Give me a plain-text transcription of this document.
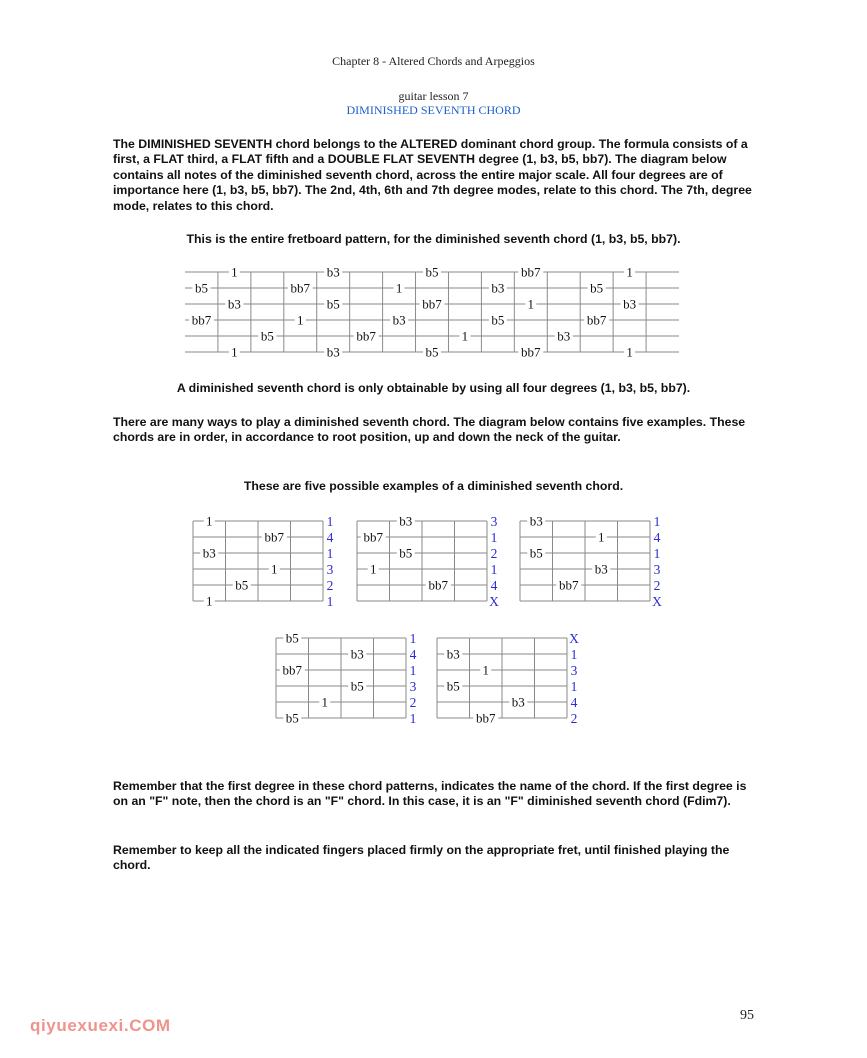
Chapter 8 - Altered Chords and Arpeggios
guitar lesson 7
DIMINISHED SEVENTH CHORD
The DIMINISHED SEVENTH chord belongs to the ALTERED dominant chord group. The formula consists of a first, a FLAT third, a FLAT fifth and a DOUBLE FLAT SEVENTH degree (1, b3, b5, bb7). The diagram below contains all notes of the diminished seventh chord, across the entire major scale. All four degrees are of importance here (1, b3, b5, bb7). The 2nd, 4th, 6th and 7th degree modes, relate to this chord. The 7th, degree mode, relates to this chord.
This is the entire fretboard pattern, for the diminished seventh chord (1, b3, b5, bb7).
1	b3	b5	bb7	1
b5	bb7	1	b3	b5
b3	b5	bb7	1	b3
bb7	1	b3	b5	bb7
b5	bb7	1	b3
1	b3	b5	bb7	1
1
bb7
b3
1
b5
1
1
4
1
3
2
1
b3
bb7
b5
1
bb7
3
1
2
1
4
X
b3
1
b5
b3
bb7
1
4
1
3
2
X
b5
b3
bb7
b5
1
b5
1
4
1
3
2
1
b3
1
b5
b3
bb7
X
1
3
1
4
2
A diminished seventh chord is only obtainable by using all four degrees (1, b3, b5, bb7).
There are many ways to play a diminished seventh chord. The diagram below contains five examples. These chords are in order, in accordance to root position, up and down the neck of the guitar.
These are five possible examples of a diminished seventh chord.
Remember that the first degree in these chord patterns, indicates the name of the chord. If the first degree is on an "F" note, then the chord is an "F" chord. In this case, it is an "F" diminished seventh chord (Fdim7).
Remember to keep all the indicated fingers placed firmly on the appropriate fret, until finished playing the chord.
95
qiyuexuexi.COM
